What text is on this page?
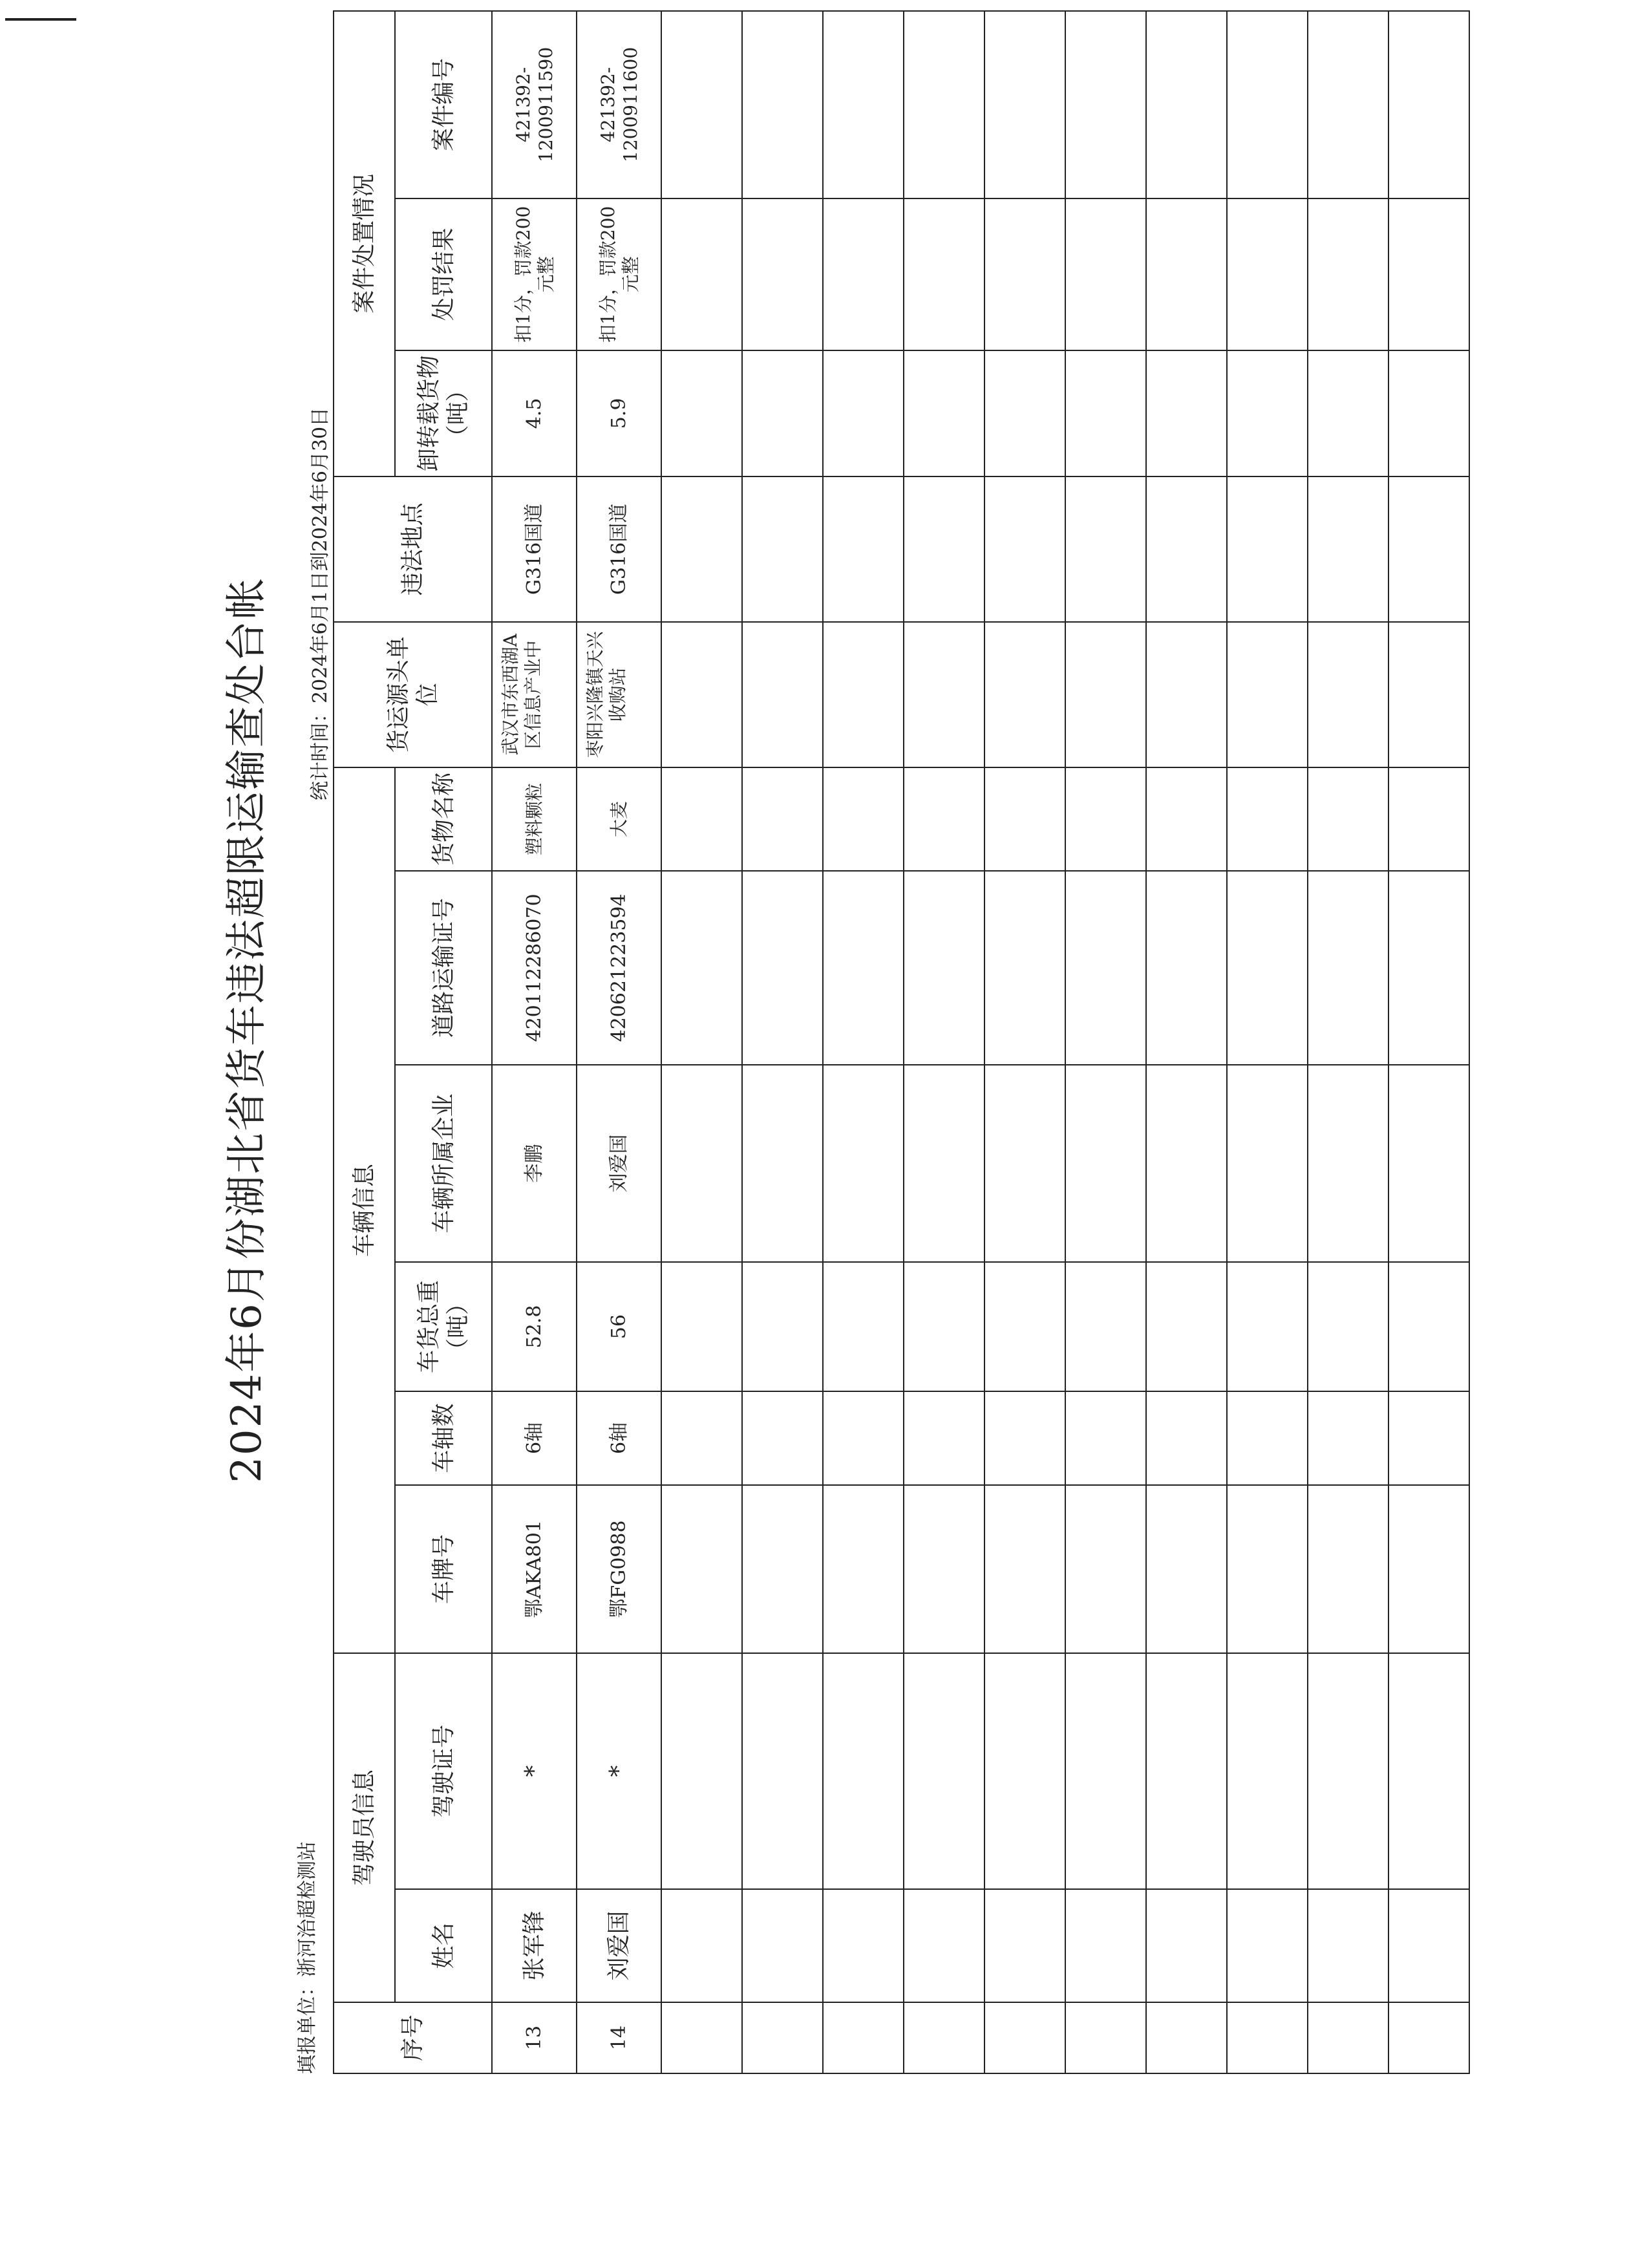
2024年6月份湖北省货车违法超限运输查处台帐
填报单位：浙河治超检测站
统计时间：2024年6月1日到2024年6月30日
序号	驾驶员信息		车辆信息						货运源头单位	违法地点	案件处置情况		
	姓名	驾驶证号	车牌号	车轴数	车货总重（吨）	车辆所属企业	道路运输证号	货物名称			卸转载货物（吨）	处罚结果	案件编号
13	张军锋	*	鄂AKA801	6轴	52.8	李鹏	420112286070	塑料颗粒	武汉市东西湖A区信息产业中	G316国道	4.5	扣1分，罚款200元整	421392-1200911590
14	刘爱国	*	鄂FG0988	6轴	56	刘爱国	420621223594	大麦	枣阳兴隆镇天兴收购站	G316国道	5.9	扣1分，罚款200元整	421392-1200911600
